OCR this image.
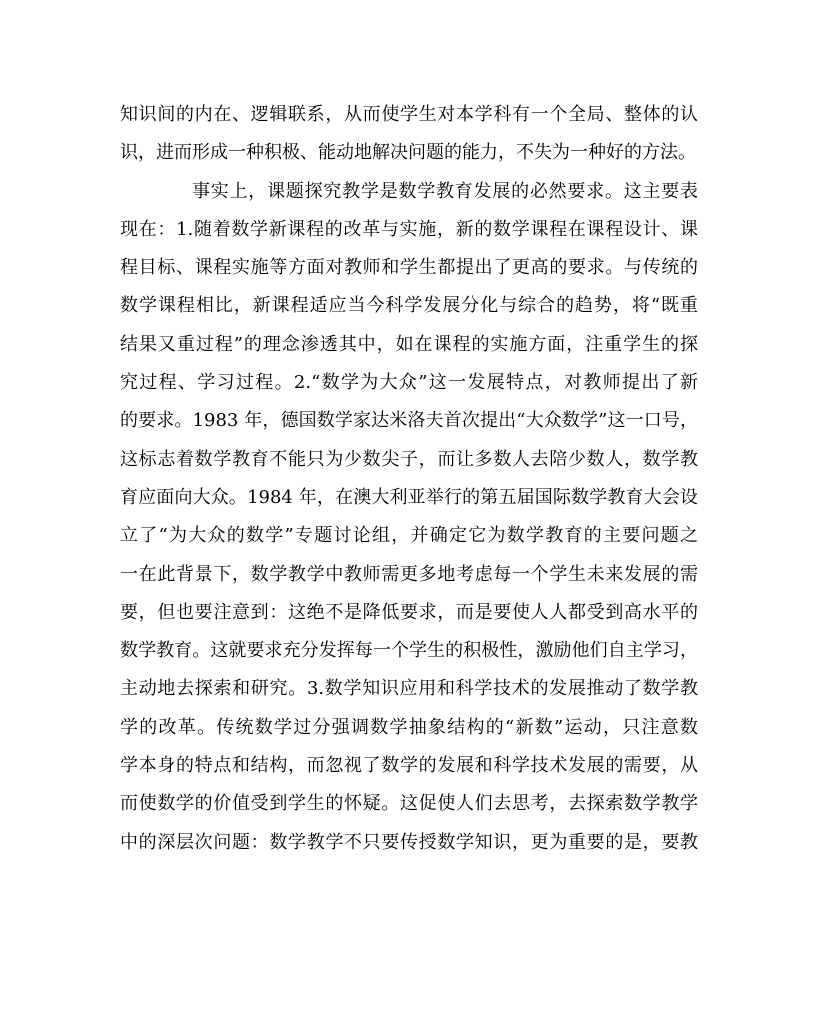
知识间的内在、逻辑联系，从而使学生对本学科有一个全局、整体的认
识，进而形成一种积极、能动地解决问题的能力，不失为一种好的方法。
事实上，课题探究教学是数学教育发展的必然要求。这主要表
现在：1.随着数学新课程的改革与实施，新的数学课程在课程设计、课
程目标、课程实施等方面对教师和学生都提出了更高的要求。与传统的
数学课程相比，新课程适应当今科学发展分化与综合的趋势，将“既重
结果又重过程”的理念渗透其中，如在课程的实施方面，注重学生的探
究过程、学习过程。2.“数学为大众”这一发展特点，对教师提出了新
的要求。1983 年，德国数学家达米洛夫首次提出“大众数学”这一口号，
这标志着数学教育不能只为少数尖子，而让多数人去陪少数人，数学教
育应面向大众。1984 年，在澳大利亚举行的第五届国际数学教育大会设
立了“为大众的数学”专题讨论组，并确定它为数学教育的主要问题之
一在此背景下，数学教学中教师需更多地考虑每一个学生未来发展的需
要，但也要注意到：这绝不是降低要求，而是要使人人都受到高水平的
数学教育。这就要求充分发挥每一个学生的积极性，激励他们自主学习，
主动地去探索和研究。3.数学知识应用和科学技术的发展推动了数学教
学的改革。传统数学过分强调数学抽象结构的“新数”运动，只注意数
学本身的特点和结构，而忽视了数学的发展和科学技术发展的需要，从
而使数学的价值受到学生的怀疑。这促使人们去思考，去探索数学教学
中的深层次问题：数学教学不只要传授数学知识，更为重要的是，要教
